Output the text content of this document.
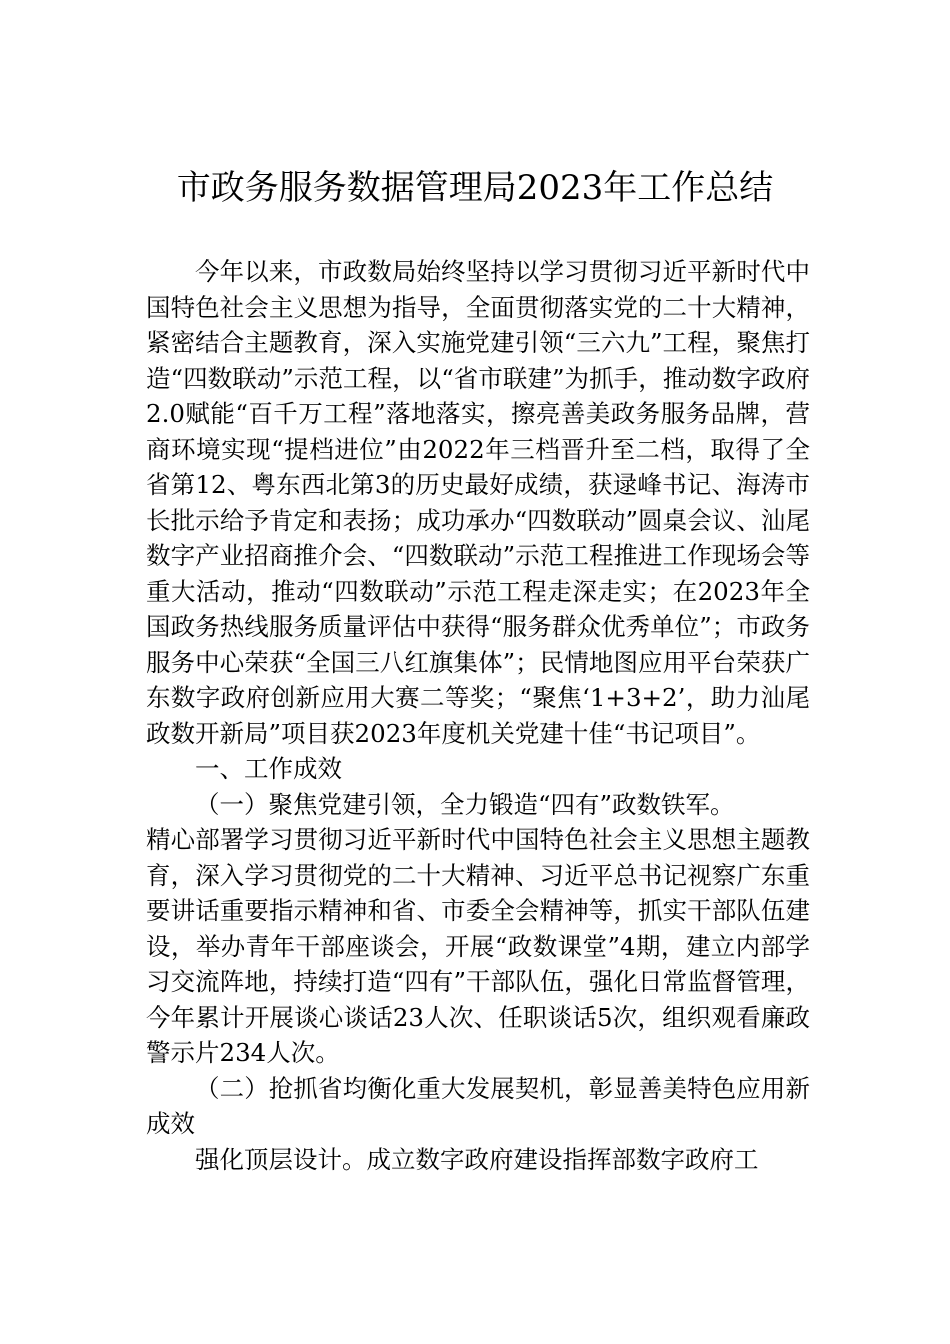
市政务服务数据管理局2023年工作总结

今年以来，市政数局始终坚持以学习贯彻习近平新时代中国特色社会主义思想为指导，全面贯彻落实党的二十大精神，紧密结合主题教育，深入实施党建引领“三六九”工程，聚焦打造“四数联动”示范工程，以“省市联建”为抓手，推动数字政府2.0赋能“百千万工程”落地落实，擦亮善美政务服务品牌，营商环境实现“提档进位”由2022年三档晋升至二档，取得了全省第12、粤东西北第3的历史最好成绩，获逯峰书记、海涛市长批示给予肯定和表扬；成功承办“四数联动”圆桌会议、汕尾数字产业招商推介会、“四数联动”示范工程推进工作现场会等重大活动，推动“四数联动”示范工程走深走实；在2023年全国政务热线服务质量评估中获得“服务群众优秀单位”；市政务服务中心荣获“全国三八红旗集体”；民情地图应用平台荣获广东数字政府创新应用大赛二等奖；“聚焦‘1+3+2’，助力汕尾政数开新局”项目获2023年度机关党建十佳“书记项目”。

一、工作成效

（一）聚焦党建引领，全力锻造“四有”政数铁军。

精心部署学习贯彻习近平新时代中国特色社会主义思想主题教育，深入学习贯彻党的二十大精神、习近平总书记视察广东重要讲话重要指示精神和省、市委全会精神等，抓实干部队伍建设，举办青年干部座谈会，开展“政数课堂”4期，建立内部学习交流阵地，持续打造“四有”干部队伍，强化日常监督管理，今年累计开展谈心谈话23人次、任职谈话5次，组织观看廉政警示片234人次。

（二）抢抓省均衡化重大发展契机，彰显善美特色应用新成效

强化顶层设计。成立数字政府建设指挥部数字政府工
